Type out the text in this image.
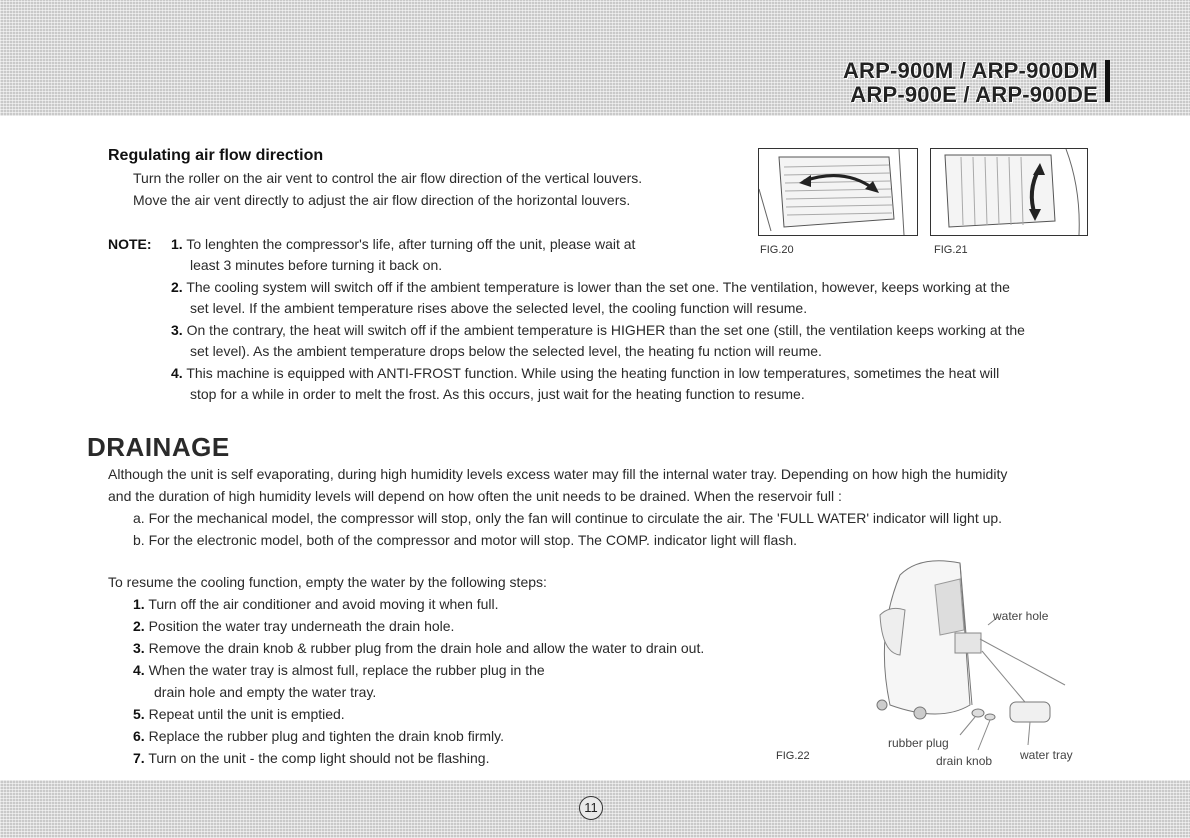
ARP-900M / ARP-900DM
ARP-900E / ARP-900DE
Regulating air flow direction
Turn the roller on the air vent to control the air flow direction of the vertical louvers.
Move the air vent directly to adjust the air flow direction of the horizontal louvers.
FIG.20	FIG.21
NOTE: 1. To lenghten the compressor's life, after turning off the unit, please wait at
least 3 minutes before turning it back on.
2. The cooling system will switch off if the ambient temperature is lower than the set one. The ventilation, however, keeps working at the
set level. If the ambient temperature rises above the selected level, the cooling function will resume.
3. On the contrary, the heat will switch off if the ambient temperature is HIGHER than the set one (still, the ventilation keeps working at the
set level). As the ambient temperature drops below the selected level, the heating fu nction will reume.
4. This machine is equipped with ANTI-FROST function. While using the heating function in low temperatures, sometimes the heat will
stop for a while in order to melt the frost. As this occurs, just wait for the heating function to resume.
DRAINAGE
Although the unit is self evaporating, during high humidity levels excess water may fill the internal water tray. Depending on how high the humidity
and the duration of high humidity levels will depend on how often the unit needs to be drained. When the reservoir full :
a. For the mechanical model, the compressor will stop, only the fan will continue to circulate the air. The 'FULL WATER' indicator will light up.
b. For the electronic model, both of the compressor and motor will stop. The COMP. indicator light will flash.
To resume the cooling function, empty the water by the following steps:
1. Turn off the air conditioner and avoid moving it when full.
2. Position the water tray underneath the drain hole.
3. Remove the drain knob & rubber plug from the drain hole and allow the water to drain out.
4. When the water tray is almost full, replace the rubber plug in the
drain hole and empty the water tray.
5. Repeat until the unit is emptied.
6. Replace the rubber plug and tighten the drain knob firmly.
7. Turn on the unit - the comp light should not be flashing.
water hole
rubber plug
drain knob water tray
FIG.22
11
